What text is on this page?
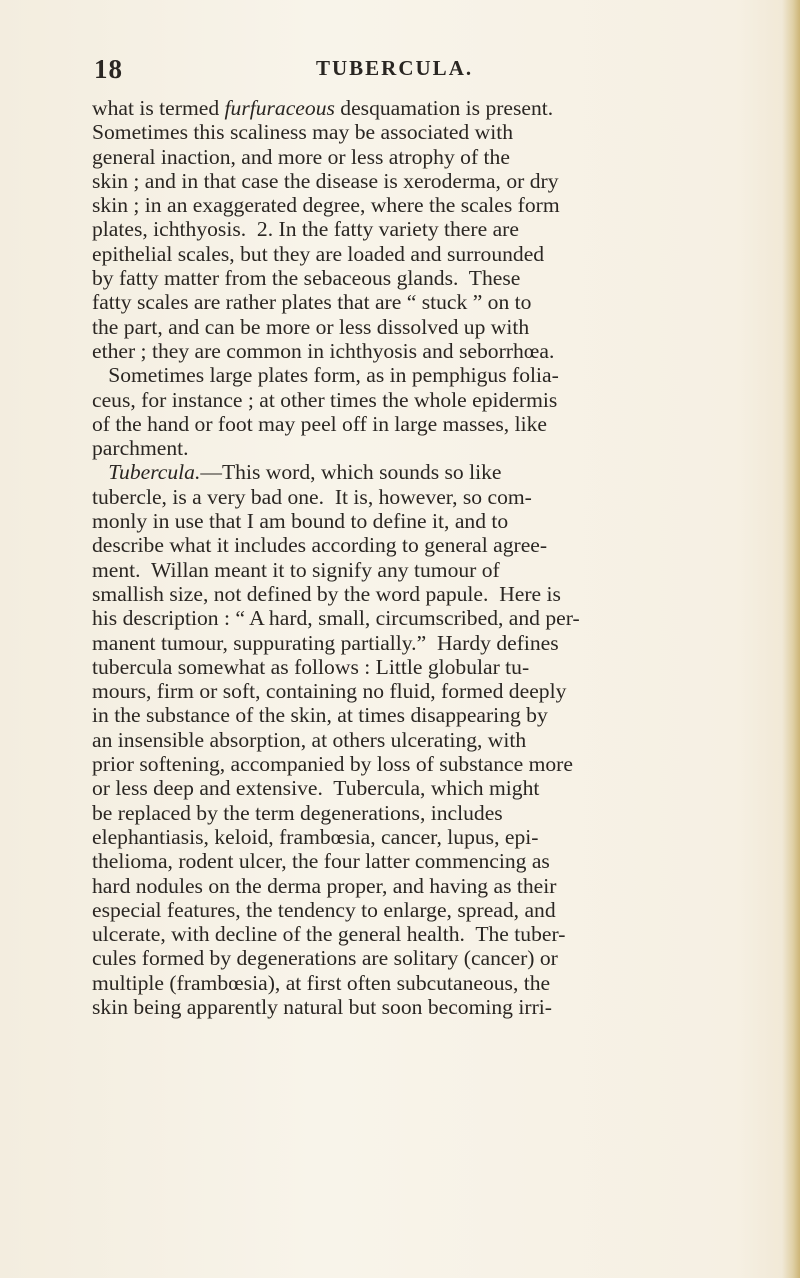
18	TUBERCULA.
what is termed furfuraceous desquamation is present.
Sometimes this scaliness may be associated with
general inaction, and more or less atrophy of the
skin ; and in that case the disease is xeroderma, or dry
skin ; in an exaggerated degree, where the scales form
plates, ichthyosis.  2. In the fatty variety there are
epithelial scales, but they are loaded and surrounded
by fatty matter from the sebaceous glands.  These
fatty scales are rather plates that are “ stuck ” on to
the part, and can be more or less dissolved up with
ether ; they are common in ichthyosis and seborrhœa.
Sometimes large plates form, as in pemphigus folia-
ceus, for instance ; at other times the whole epidermis
of the hand or foot may peel off in large masses, like
parchment.
Tubercula.—This word, which sounds so like
tubercle, is a very bad one.  It is, however, so com-
monly in use that I am bound to define it, and to
describe what it includes according to general agree-
ment.  Willan meant it to signify any tumour of
smallish size, not defined by the word papule.  Here is
his description : “ A hard, small, circumscribed, and per-
manent tumour, suppurating partially.”  Hardy defines
tubercula somewhat as follows : Little globular tu-
mours, firm or soft, containing no fluid, formed deeply
in the substance of the skin, at times disappearing by
an insensible absorption, at others ulcerating, with
prior softening, accompanied by loss of substance more
or less deep and extensive.  Tubercula, which might
be replaced by the term degenerations, includes
elephantiasis, keloid, frambœsia, cancer, lupus, epi-
thelioma, rodent ulcer, the four latter commencing as
hard nodules on the derma proper, and having as their
especial features, the tendency to enlarge, spread, and
ulcerate, with decline of the general health.  The tuber-
cules formed by degenerations are solitary (cancer) or
multiple (frambœsia), at first often subcutaneous, the
skin being apparently natural but soon becoming irri-
